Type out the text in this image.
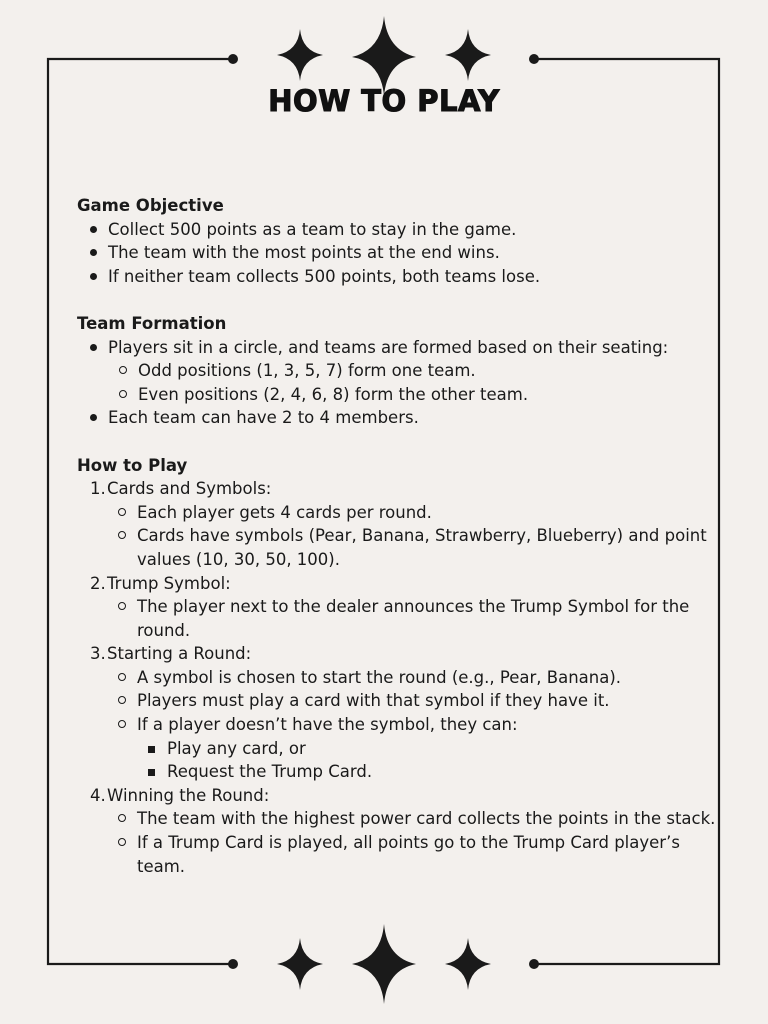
HOW TO PLAY

Game Objective

Collect 500 points as a team to stay in the game.
The team with the most points at the end wins.
If neither team collects 500 points, both teams lose.

Team Formation

Players sit in a circle, and teams are formed based on their seating:
Odd positions (1, 3, 5, 7) form one team.
Even positions (2, 4, 6, 8) form the other team.
Each team can have 2 to 4 members.

How to Play

1. Cards and Symbols:
Each player gets 4 cards per round.
Cards have symbols (Pear, Banana, Strawberry, Blueberry) and point values (10, 30, 50, 100).
2. Trump Symbol:
The player next to the dealer announces the Trump Symbol for the round.
3. Starting a Round:
A symbol is chosen to start the round (e.g., Pear, Banana).
Players must play a card with that symbol if they have it.
If a player doesn’t have the symbol, they can:
Play any card, or
Request the Trump Card.
4. Winning the Round:
The team with the highest power card collects the points in the stack.
If a Trump Card is played, all points go to the Trump Card player’s team.
